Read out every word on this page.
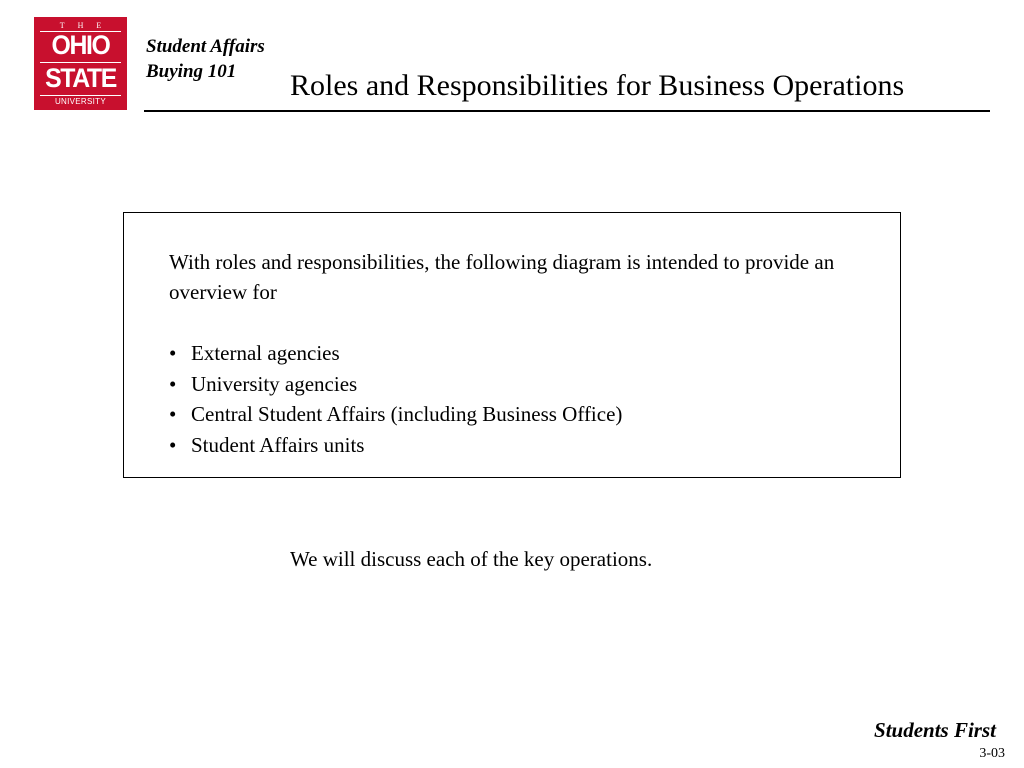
THE
OHIO
STATE
UNIVERSITY
Student Affairs
Buying 101	Roles and Responsibilities for Business Operations
With roles and responsibilities, the following diagram is intended to provide an overview for
• External agencies
• University agencies
• Central Student Affairs (including Business Office)
• Student Affairs units
We will discuss each of the key operations.
Students First
3-03
